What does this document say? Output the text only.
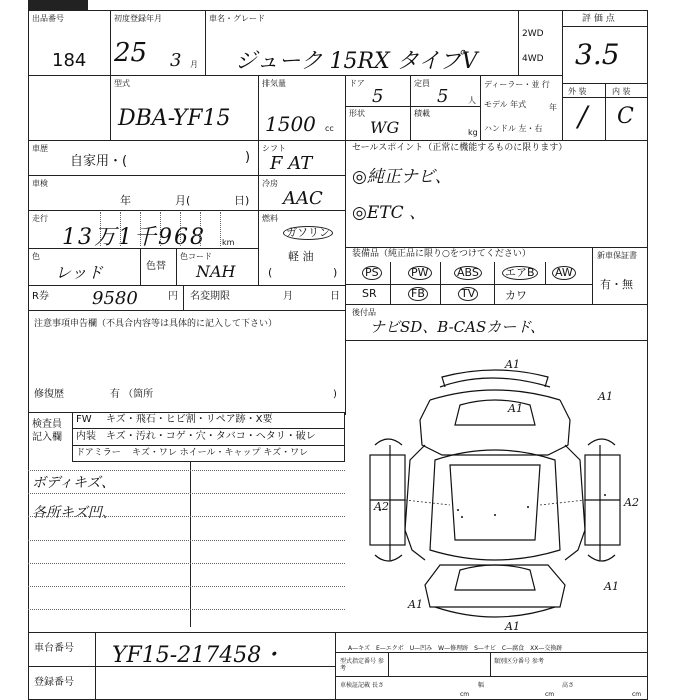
出品番号
184
初度登録年月
25 3 月
車名・グレード
ジューク 15RX タイプV
2WD
4WD
評 価 点
3.5
外 装	内 装
/ C
型式
DBA-YF15
排気量
1500 cc
ドア
5
定員
5 人
形状
WG
積載
kg
ディーラー・並 行
モデル 年式	年
ハンドル 左・右
車歴
自家用・(	)
シフト
F AT
車検
年	月(	日)
冷房
AAC
走行
13万1千968 km
燃料
ガソリン
軽 油
(	)
色
レッド	色替
色コード
NAH
R券 9580	円 名変期限	月	日
注意事項申告欄（不具合内容等は具体的に記入して下さい）
修復歴	有 （箇所	)
セールスポイント（正常に機能するものに限ります）
◎純正ナビ、
◎ETC 、
装備品（純正品に限り○をつけてください）	新車保証書
有・無
PS	PW	ABS エアB AW
SR	FB	TV	カワ
後付品
ナビSD、B-CASカード、
検査員 記入欄
FW キズ・飛石・ヒビ割・リペア跡・X要
内装 キズ・汚れ・コゲ・穴・タバコ・ヘタリ・破レ
ドアミラー キズ・ワレ ホイール・キャップ キズ・ワレ
ボディキズ、
各所キズ凹、
A1
A1
A1
A2	A2
A1
A1
A1
A—キズ　E—エクボ　U—凹み　W—修理跡　S—サビ　C—腐食　XX—交換跡
車台番号 YF15-217458・
登録番号
型式指定番号 参考
類別区分番号 参考
車検証記載 長さ
cm
幅
cm
高さ
cm
